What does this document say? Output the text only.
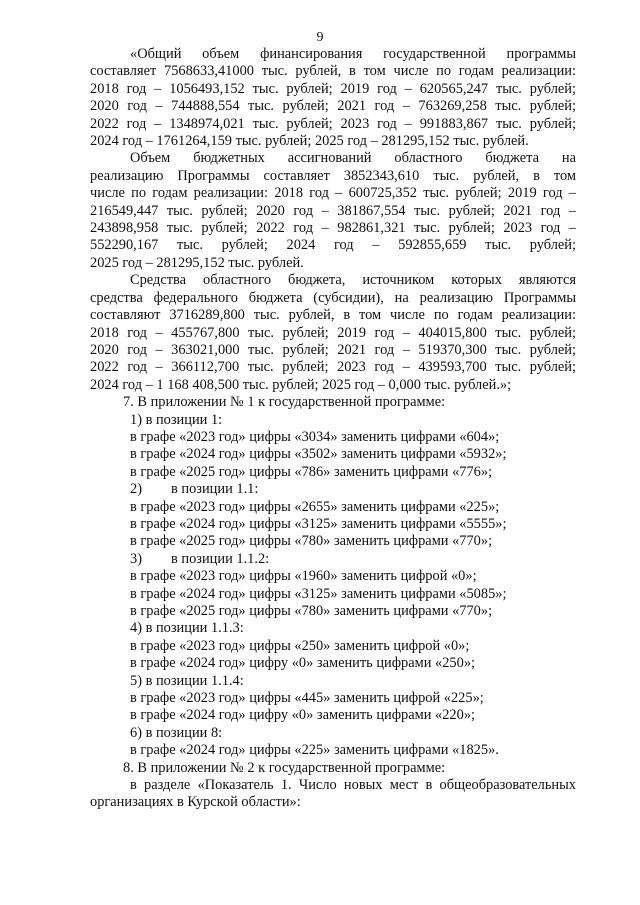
9
«Общий объем финансирования государственной программы
составляет 7568633,41000 тыс. рублей, в том числе по годам реализации:
2018 год – 1056493,152 тыс. рублей; 2019 год – 620565,247 тыс. рублей;
2020 год – 744888,554 тыс. рублей; 2021 год – 763269,258 тыс. рублей;
2022 год – 1348974,021 тыс. рублей; 2023 год – 991883,867 тыс. рублей;
2024 год – 1761264,159 тыс. рублей; 2025 год – 281295,152 тыс. рублей.
Объем бюджетных ассигнований областного бюджета на
реализацию Программы составляет 3852343,610 тыс. рублей, в том
числе по годам реализации: 2018 год – 600725,352 тыс. рублей; 2019 год –
216549,447 тыс. рублей; 2020 год – 381867,554 тыс. рублей; 2021 год –
243898,958 тыс. рублей; 2022 год – 982861,321 тыс. рублей; 2023 год –
552290,167 тыс. рублей; 2024 год – 592855,659 тыс. рублей;
2025 год – 281295,152 тыс. рублей.
Средства областного бюджета, источником которых являются
средства федерального бюджета (субсидии), на реализацию Программы
составляют 3716289,800 тыс. рублей, в том числе по годам реализации:
2018 год – 455767,800 тыс. рублей; 2019 год – 404015,800 тыс. рублей;
2020 год – 363021,000 тыс. рублей; 2021 год – 519370,300 тыс. рублей;
2022 год – 366112,700 тыс. рублей; 2023 год – 439593,700 тыс. рублей;
2024 год – 1 168 408,500 тыс. рублей; 2025 год – 0,000 тыс. рублей.»;
7. В приложении № 1 к государственной программе:
1) в позиции 1:
в графе «2023 год» цифры «3034» заменить цифрами «604»;
в графе «2024 год» цифры «3502» заменить цифрами «5932»;
в графе «2025 год» цифры «786» заменить цифрами «776»;
2) в позиции 1.1:
в графе «2023 год» цифры «2655» заменить цифрами «225»;
в графе «2024 год» цифры «3125» заменить цифрами «5555»;
в графе «2025 год» цифры «780» заменить цифрами «770»;
3) в позиции 1.1.2:
в графе «2023 год» цифры «1960» заменить цифрой «0»;
в графе «2024 год» цифры «3125» заменить цифрами «5085»;
в графе «2025 год» цифры «780» заменить цифрами «770»;
4) в позиции 1.1.3:
в графе «2023 год» цифры «250» заменить цифрой «0»;
в графе «2024 год» цифру «0» заменить цифрами «250»;
5) в позиции 1.1.4:
в графе «2023 год» цифры «445» заменить цифрой «225»;
в графе «2024 год» цифру «0» заменить цифрами «220»;
6) в позиции 8:
в графе «2024 год» цифры «225» заменить цифрами «1825».
8. В приложении № 2 к государственной программе:
в разделе «Показатель 1. Число новых мест в общеобразовательных
организациях в Курской области»:
